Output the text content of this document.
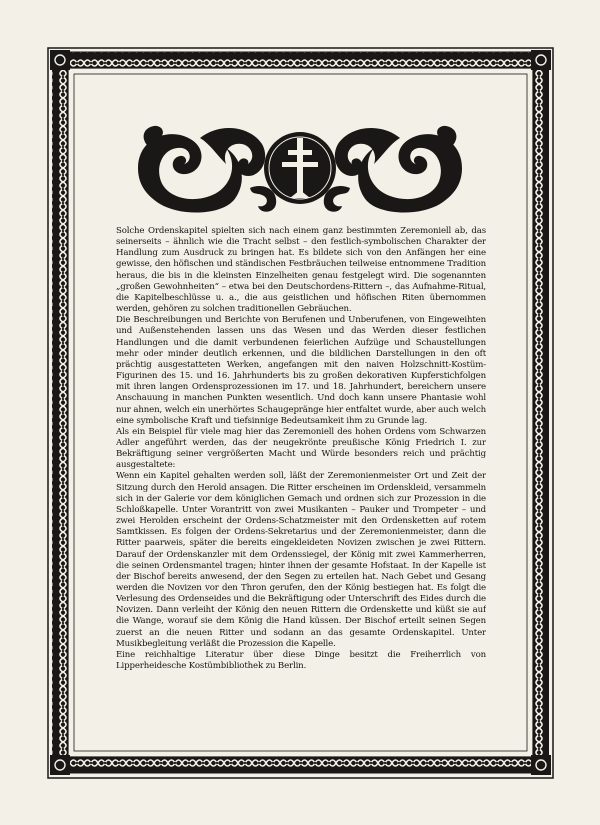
Solche Ordenskapitel spielten sich nach einem ganz bestimmten Zeremoniell ab, das seinerseits – ähnlich wie die Tracht selbst – den festlich-symbolischen Charakter der Handlung zum Ausdruck zu bringen hat. Es bildete sich von den Anfängen her eine gewisse, den höfischen und ständischen Festbräuchen teilweise entnommene Tradition heraus, die bis in die kleinsten Einzelheiten genau festgelegt wird. Die sogenannten „großen Gewohnheiten“ – etwa bei den Deutschordens-Rittern –, das Aufnahme-Ritual, die Kapitelbeschlüsse u. a., die aus geistlichen und höfischen Riten übernommen werden, gehören zu solchen traditionellen Gebräuchen.

Die Beschreibungen und Berichte von Berufenen und Unberufenen, von Eingeweihten und Außenstehenden lassen uns das Wesen und das Werden dieser festlichen Handlungen und die damit verbundenen feierlichen Aufzüge und Schaustellungen mehr oder minder deutlich erkennen, und die bildlichen Darstellungen in den oft prächtig ausgestatteten Werken, angefangen mit den naiven Holzschnitt-Kostüm-Figurinen des 15. und 16. Jahrhunderts bis zu großen dekorativen Kupferstichfolgen mit ihren langen Ordensprozessionen im 17. und 18. Jahrhundert, bereichern unsere Anschauung in manchen Punkten wesentlich. Und doch kann unsere Phantasie wohl nur ahnen, welch ein unerhörtes Schaugepränge hier entfaltet wurde, aber auch welch eine symbolische Kraft und tiefsinnige Bedeutsamkeit ihm zu Grunde lag.

Als ein Beispiel für viele mag hier das Zeremoniell des hohen Ordens vom Schwarzen Adler angeführt werden, das der neugekrönte preußische König Friedrich I. zur Bekräftigung seiner vergrößerten Macht und Würde besonders reich und prächtig ausgestaltete:

Wenn ein Kapitel gehalten werden soll, läßt der Zeremonienmeister Ort und Zeit der Sitzung durch den Herold ansagen. Die Ritter erscheinen im Ordenskleid, versammeln sich in der Galerie vor dem königlichen Gemach und ordnen sich zur Prozession in die Schloßkapelle. Unter Vorantritt von zwei Musikanten – Pauker und Trompeter – und zwei Herolden erscheint der Ordens-Schatzmeister mit den Ordensketten auf rotem Samtkissen. Es folgen der Ordens-Sekretarius und der Zeremonienmeister, dann die Ritter paarweis, später die bereits eingekleideten Novizen zwischen je zwei Rittern. Darauf der Ordenskanzler mit dem Ordenssiegel, der König mit zwei Kammerherren, die seinen Ordensmantel tragen; hinter ihnen der gesamte Hofstaat. In der Kapelle ist der Bischof bereits anwesend, der den Segen zu erteilen hat. Nach Gebet und Gesang werden die Novizen vor den Thron gerufen, den der König bestiegen hat. Es folgt die Verlesung des Ordenseides und die Bekräftigung oder Unterschrift des Eides durch die Novizen. Dann verleiht der König den neuen Rittern die Ordenskette und küßt sie auf die Wange, worauf sie dem König die Hand küssen. Der Bischof erteilt seinen Segen zuerst an die neuen Ritter und sodann an das gesamte Ordenskapitel. Unter Musikbegleitung verläßt die Prozession die Kapelle.

Eine reichhaltige Literatur über diese Dinge besitzt die Freiherrlich von Lipperheidesche Kostümbibliothek zu Berlin.
